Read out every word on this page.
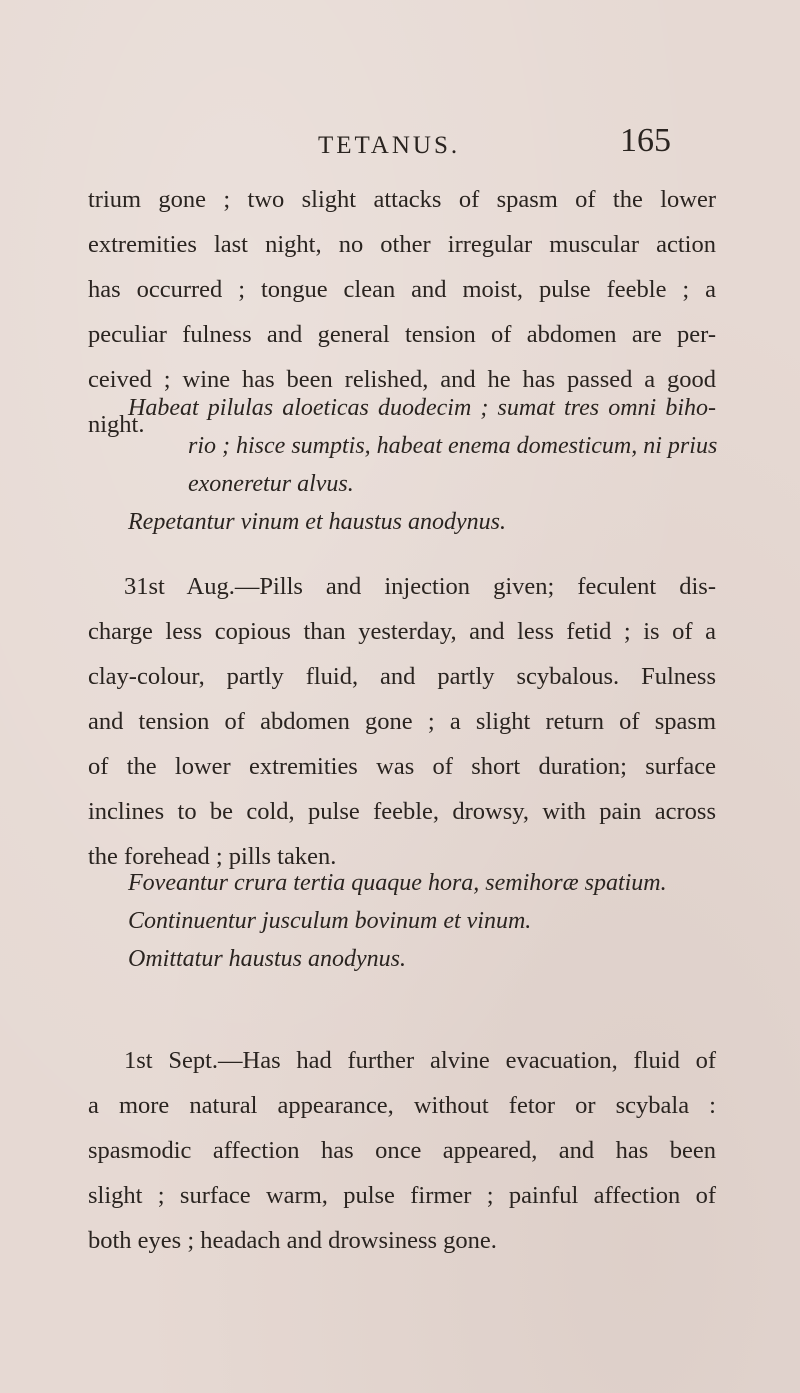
TETANUS.	165

trium gone ; two slight attacks of spasm of the lower
extremities last night, no other irregular muscular action
has occurred ; tongue clean and moist, pulse feeble ; a
peculiar fulness and general tension of abdomen are per-
ceived ; wine has been relished, and he has passed a good
night.

Habeat pilulas aloeticas duodecim ; sumat tres omni biho-
rio ; hisce sumptis, habeat enema domesticum, ni prius
exoneretur alvus.
Repetantur vinum et haustus anodynus.

31st Aug.—Pills and injection given; feculent dis-
charge less copious than yesterday, and less fetid ; is of a
clay-colour, partly fluid, and partly scybalous. Fulness
and tension of abdomen gone ; a slight return of spasm
of the lower extremities was of short duration; surface
inclines to be cold, pulse feeble, drowsy, with pain across
the forehead ; pills taken.

Foveantur crura tertia quaque hora, semihoræ spatium.
Continuentur jusculum bovinum et vinum.
Omittatur haustus anodynus.

1st Sept.—Has had further alvine evacuation, fluid of
a more natural appearance, without fetor or scybala :
spasmodic affection has once appeared, and has been
slight ; surface warm, pulse firmer ; painful affection of
both eyes ; headach and drowsiness gone.
